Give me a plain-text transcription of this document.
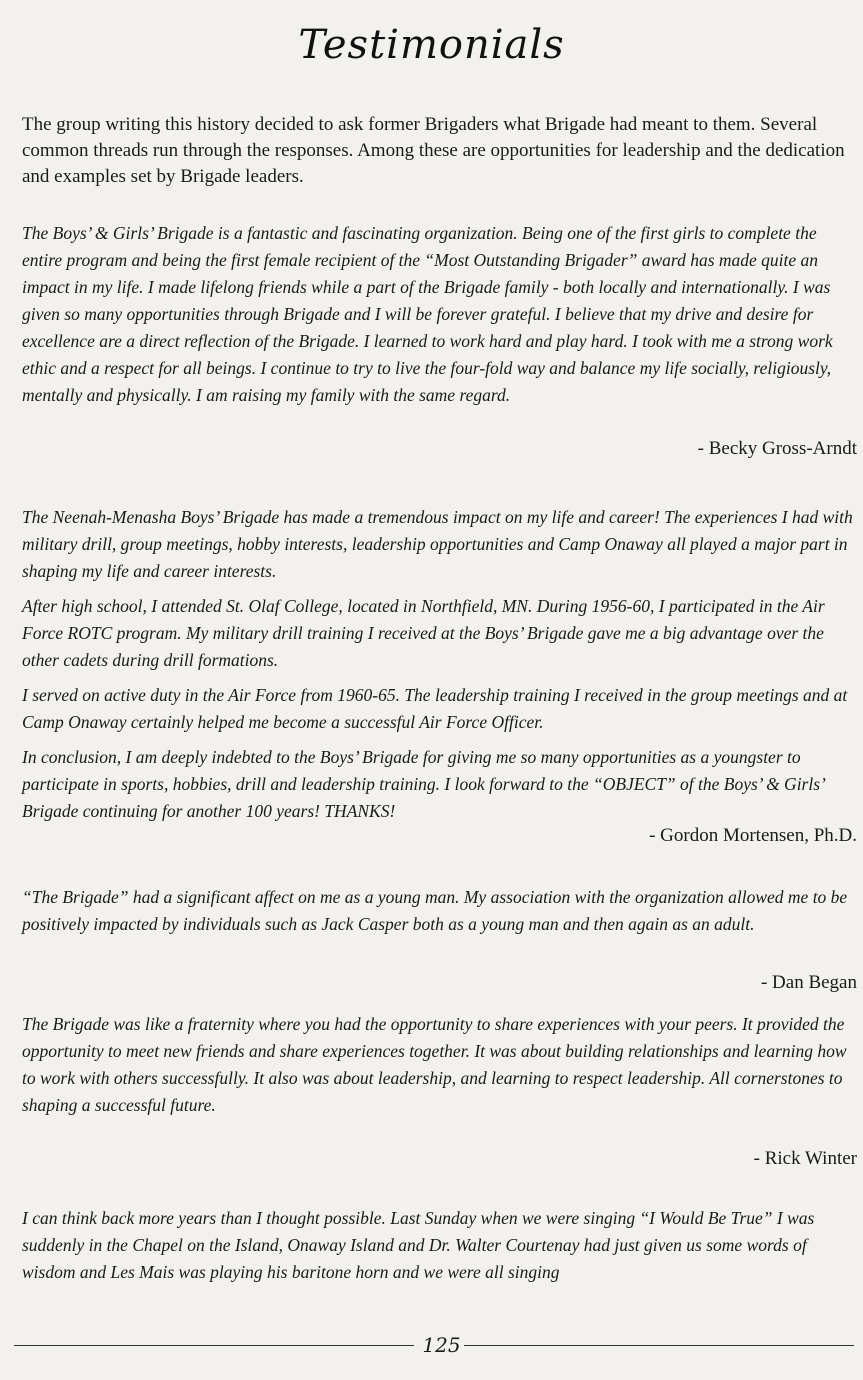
Testimonials
The group writing this history decided to ask former Brigaders what Brigade had meant to them. Several common threads run through the responses. Among these are opportunities for leadership and the dedication and examples set by Brigade leaders.

The Boys’ & Girls’ Brigade is a fantastic and fascinating organization. Being one of the first girls to complete the entire program and being the first female recipient of the “Most Outstanding Brigader” award has made quite an impact in my life. I made lifelong friends while a part of the Brigade family - both locally and internationally. I was given so many opportunities through Brigade and I will be forever grateful. I believe that my drive and desire for excellence are a direct reflection of the Brigade. I learned to work hard and play hard. I took with me a strong work ethic and a respect for all beings. I continue to try to live the four-fold way and balance my life socially, religiously, mentally and physically. I am raising my family with the same regard.

- Becky Gross-Arndt

The Neenah-Menasha Boys’ Brigade has made a tremendous impact on my life and career! The experiences I had with military drill, group meetings, hobby interests, leadership opportunities and Camp Onaway all played a major part in shaping my life and career interests.

After high school, I attended St. Olaf College, located in Northfield, MN. During 1956-60, I participated in the Air Force ROTC program. My military drill training I received at the Boys’ Brigade gave me a big advantage over the other cadets during drill formations.

I served on active duty in the Air Force from 1960-65. The leadership training I received in the group meetings and at Camp Onaway certainly helped me become a successful Air Force Officer.

In conclusion, I am deeply indebted to the Boys’ Brigade for giving me so many opportunities as a youngster to participate in sports, hobbies, drill and leadership training. I look forward to the “OBJECT” of the Boys’ & Girls’ Brigade continuing for another 100 years! THANKS!

- Gordon Mortensen, Ph.D.

“The Brigade” had a significant affect on me as a young man. My association with the organization allowed me to be positively impacted by individuals such as Jack Casper both as a young man and then again as an adult.

- Dan Began

The Brigade was like a fraternity where you had the opportunity to share experiences with your peers. It provided the opportunity to meet new friends and share experiences together. It was about building relationships and learning how to work with others successfully. It also was about leadership, and learning to respect leadership. All cornerstones to shaping a successful future.

- Rick Winter

I can think back more years than I thought possible. Last Sunday when we were singing “I Would Be True” I was suddenly in the Chapel on the Island, Onaway Island and Dr. Walter Courtenay had just given us some words of wisdom and Les Mais was playing his baritone horn and we were all singing

125
